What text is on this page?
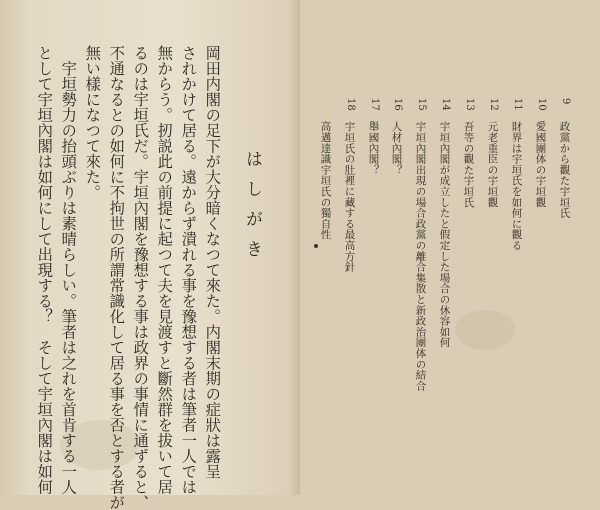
はしがき
岡田内閣の足下が大分暗くなつて來た。内閣末期の症狀は露呈
されかけて居る。遠からず潰れる事を豫想する者は筆者一人では
無からう。扨説此の前提に起つて夫を見渡すと斷然群を拔いて居
るのは宇垣氏だ。宇垣內閣を豫想する事は政界の事情に通ずると、
不通なるとの如何に不拘世の所謂常識化して居る事を否とする者が
無い樣になつて來た。
　宇垣勢力の抬頭ぶりは素晴らしい。筆者は之れを首肯する一人
として宇垣內閣は如何にして出現する？　そして宇垣內閣は如何	9
政黨から觀た宇垣氏
10
愛國團体の宇垣觀
11
財界は宇垣氏を如何に觀る
12
元老重臣の宇垣觀
13
吾等の觀た宇垣氏
14
宇垣內閣が成立したと假定した場合の休容如何
15
宇垣內閣出現の場合政黨の離合集散と新政治團体の結合
16
人材內閣？
17
舉國內閣？
18
宇垣氏の肚裡に藏する最高方針
高邁達識宇垣氏の獨自性
